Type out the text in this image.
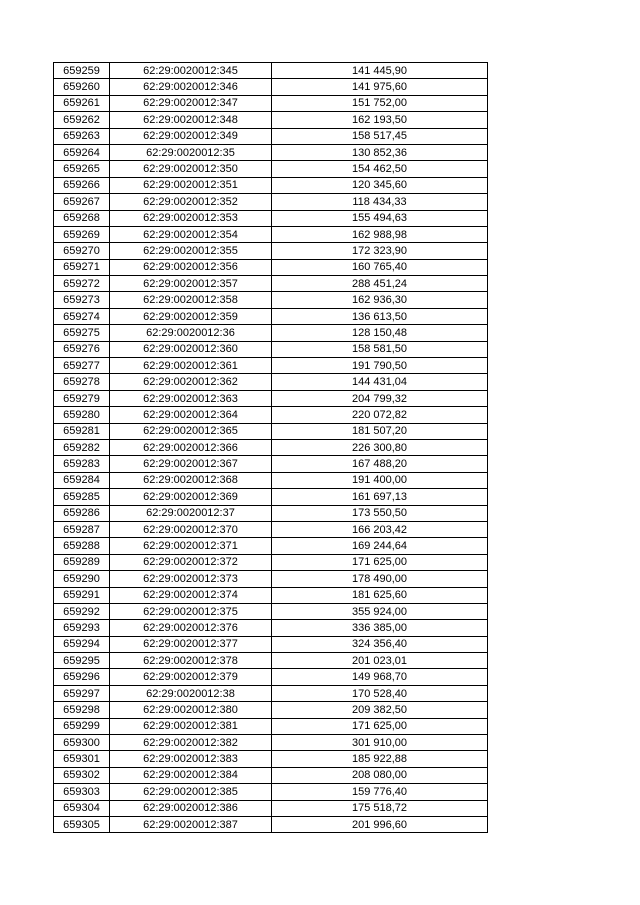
659259	62:29:0020012:345	141 445,90
659260	62:29:0020012:346	141 975,60
659261	62:29:0020012:347	151 752,00
659262	62:29:0020012:348	162 193,50
659263	62:29:0020012:349	158 517,45
659264	62:29:0020012:35	130 852,36
659265	62:29:0020012:350	154 462,50
659266	62:29:0020012:351	120 345,60
659267	62:29:0020012:352	118 434,33
659268	62:29:0020012:353	155 494,63
659269	62:29:0020012:354	162 988,98
659270	62:29:0020012:355	172 323,90
659271	62:29:0020012:356	160 765,40
659272	62:29:0020012:357	288 451,24
659273	62:29:0020012:358	162 936,30
659274	62:29:0020012:359	136 613,50
659275	62:29:0020012:36	128 150,48
659276	62:29:0020012:360	158 581,50
659277	62:29:0020012:361	191 790,50
659278	62:29:0020012:362	144 431,04
659279	62:29:0020012:363	204 799,32
659280	62:29:0020012:364	220 072,82
659281	62:29:0020012:365	181 507,20
659282	62:29:0020012:366	226 300,80
659283	62:29:0020012:367	167 488,20
659284	62:29:0020012:368	191 400,00
659285	62:29:0020012:369	161 697,13
659286	62:29:0020012:37	173 550,50
659287	62:29:0020012:370	166 203,42
659288	62:29:0020012:371	169 244,64
659289	62:29:0020012:372	171 625,00
659290	62:29:0020012:373	178 490,00
659291	62:29:0020012:374	181 625,60
659292	62:29:0020012:375	355 924,00
659293	62:29:0020012:376	336 385,00
659294	62:29:0020012:377	324 356,40
659295	62:29:0020012:378	201 023,01
659296	62:29:0020012:379	149 968,70
659297	62:29:0020012:38	170 528,40
659298	62:29:0020012:380	209 382,50
659299	62:29:0020012:381	171 625,00
659300	62:29:0020012:382	301 910,00
659301	62:29:0020012:383	185 922,88
659302	62:29:0020012:384	208 080,00
659303	62:29:0020012:385	159 776,40
659304	62:29:0020012:386	175 518,72
659305	62:29:0020012:387	201 996,60
